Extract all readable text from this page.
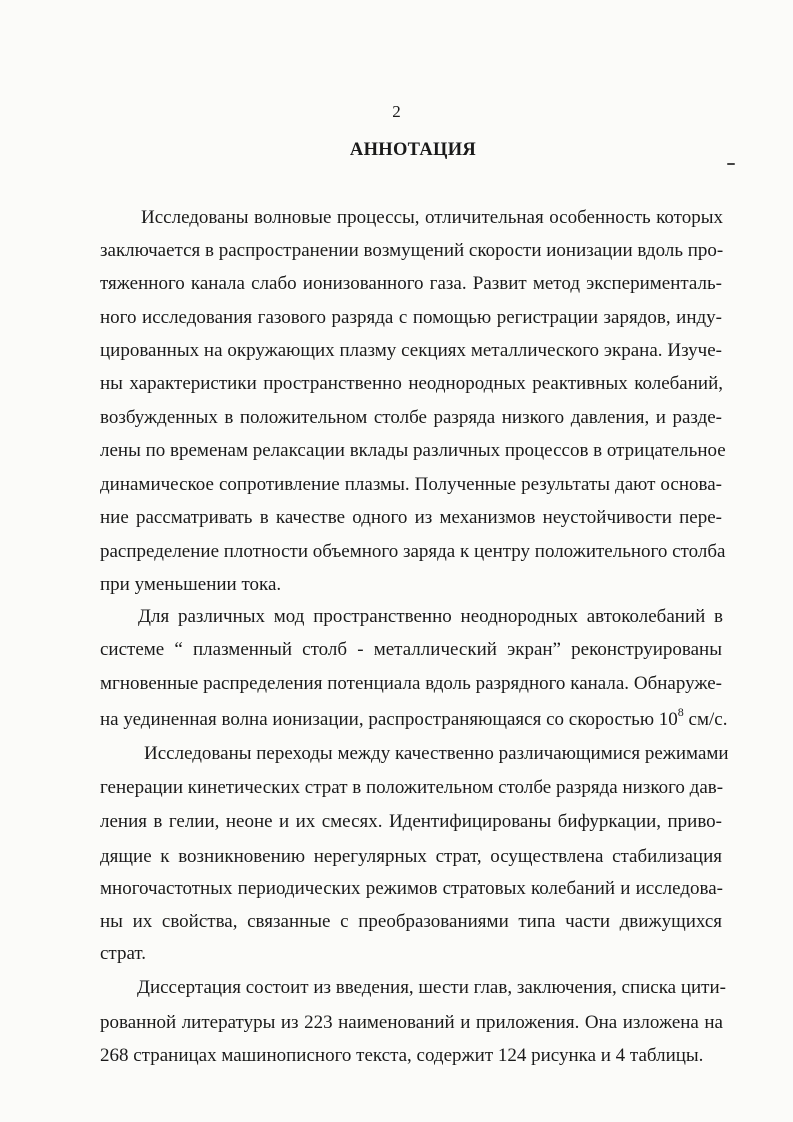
2
АННОТАЦИЯ
Исследованы волновые процессы, отличительная особенность которых
заключается в распространении возмущений скорости ионизации вдоль про-
тяженного канала слабо ионизованного газа. Развит метод эксперименталь-
ного исследования газового разряда с помощью регистрации зарядов, инду-
цированных на окружающих плазму секциях металлического экрана. Изуче-
ны характеристики пространственно неоднородных реактивных колебаний,
возбужденных в положительном столбе разряда низкого давления, и разде-
лены по временам релаксации вклады различных процессов в отрицательное
динамическое сопротивление плазмы. Полученные результаты дают основа-
ние рассматривать в качестве одного из механизмов неустойчивости пере-
распределение плотности объемного заряда к центру положительного столба
при уменьшении тока.
Для различных мод пространственно неоднородных автоколебаний в
системе “ плазменный столб - металлический экран” реконструированы
мгновенные распределения потенциала вдоль разрядного канала. Обнаруже-
на уединенная волна ионизации, распространяющаяся со скоростью $10^8$ см/с.
Исследованы переходы между качественно различающимися режимами
генерации кинетических страт в положительном столбе разряда низкого дав-
ления в гелии, неоне и их смесях. Идентифицированы бифуркации, приво-
дящие к возникновению нерегулярных страт, осуществлена стабилизация
многочастотных периодических режимов стратовых колебаний и исследова-
ны их свойства, связанные с преобразованиями типа части движущихся
страт.
Диссертация состоит из введения, шести глав, заключения, списка цити-
рованной литературы из 223 наименований и приложения. Она изложена на
268 страницах машинописного текста, содержит 124 рисунка и 4 таблицы.
